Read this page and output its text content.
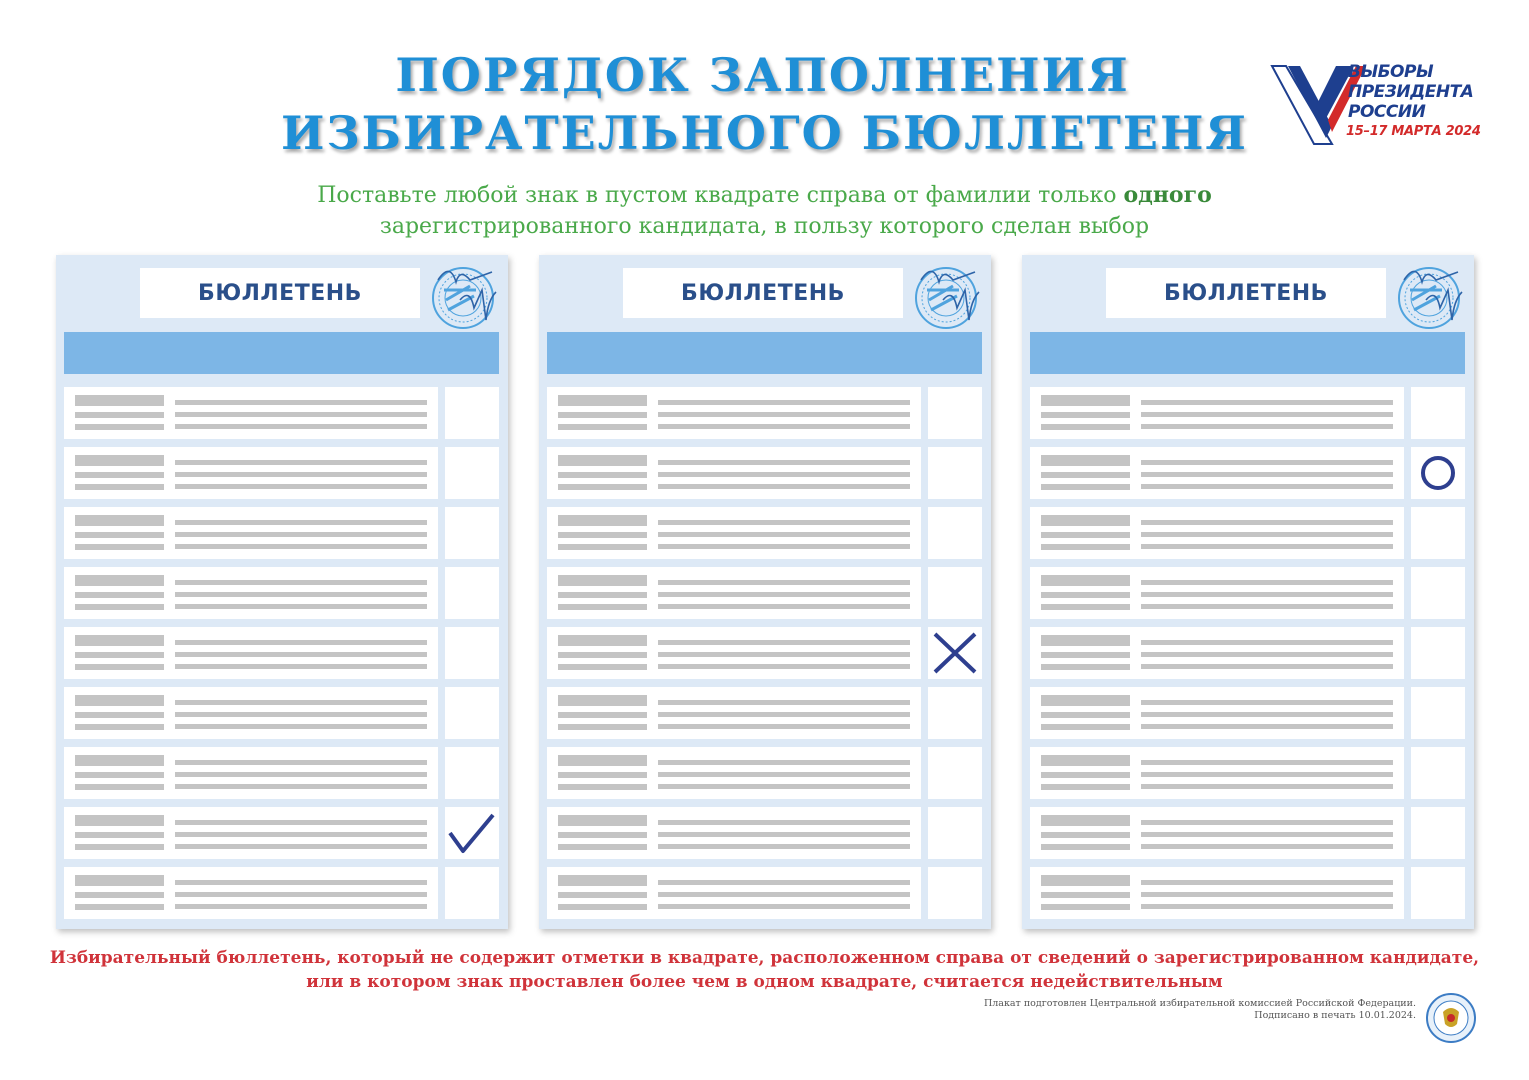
ПОРЯДОК ЗАПОЛНЕНИЯ
ИЗБИРАТЕЛЬНОГО БЮЛЛЕТЕНЯ
Поставьте любой знак в пустом квадрате справа от фамилии только одного
зарегистрированного кандидата, в пользу которого сделан выбор
ВЫБОРЫ
ПРЕЗИДЕНТА
РОССИИ
15–17 МАРТА 2024
БЮЛЛЕТЕНЬ	БЮЛЛЕТЕНЬ	БЮЛЛЕТЕНЬ
Избирательный бюллетень, который не содержит отметки в квадрате, расположенном справа от сведений о зарегистрированном кандидате,
или в котором знак проставлен более чем в одном квадрате, считается недействительным
Плакат подготовлен Центральной избирательной комиссией Российской Федерации.
Подписано в печать 10.01.2024.
